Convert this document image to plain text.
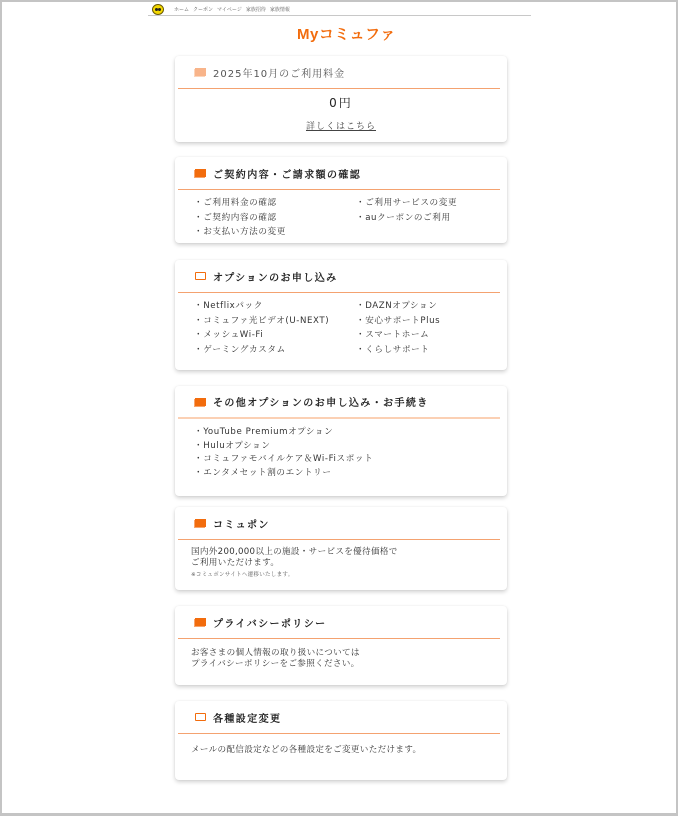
ホーム クーポン マイページ 家族招待 家族情報
Myコミュファ
2025年10月のご利用料金
0円
詳しくはこちら
ご契約内容・ご請求額の確認
・ご利用料金の確認	・ご利用サービスの変更
・ご契約内容の確認	・auクーポンのご利用
・お支払い方法の変更
オプションのお申し込み
・Netflixパック	・DAZNオプション
・コミュファ光ビデオ(U-NEXT)	・安心サポートPlus
・メッシュWi-Fi	・スマートホーム
・ゲーミングカスタム	・くらしサポート
その他オプションのお申し込み・お手続き
・YouTube Premiumオプション
・Huluオプション
・コミュファモバイルケア＆Wi-Fiスポット
・エンタメセット割のエントリー
コミュポン
国内外200,000以上の施設・サービスを優待価格で
ご利用いただけます。
※コミュポンサイトへ遷移いたします。
プライバシーポリシー
お客さまの個人情報の取り扱いについては
プライバシーポリシーをご参照ください。
各種設定変更
メールの配信設定などの各種設定をご変更いただけます。
